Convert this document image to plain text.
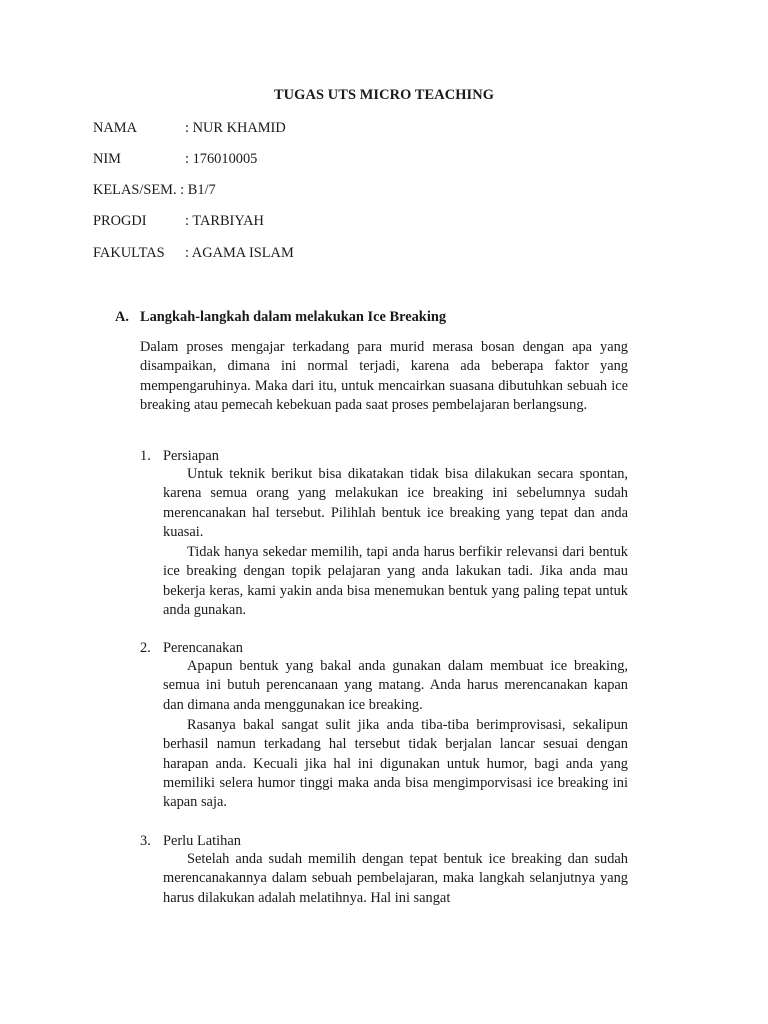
TUGAS UTS MICRO TEACHING
NAMA	: NUR KHAMID
NIM	: 176010005
KELAS/SEM. : B1/7
PROGDI	: TARBIYAH
FAKULTAS : AGAMA ISLAM
A. Langkah-langkah dalam melakukan Ice Breaking

Dalam proses mengajar terkadang para murid merasa bosan dengan apa yang disampaikan, dimana ini normal terjadi, karena ada beberapa faktor yang mempengaruhinya. Maka dari itu, untuk mencairkan suasana dibutuhkan sebuah ice breaking atau pemecah kebekuan pada saat proses pembelajaran berlangsung.

1. Persiapan

Untuk teknik berikut bisa dikatakan tidak bisa dilakukan secara spontan, karena semua orang yang melakukan ice breaking ini sebelumnya sudah merencanakan hal tersebut. Pilihlah bentuk ice breaking yang tepat dan anda kuasai.

Tidak hanya sekedar memilih, tapi anda harus berfikir relevansi dari bentuk ice breaking dengan topik pelajaran yang anda lakukan tadi. Jika anda mau bekerja keras, kami yakin anda bisa menemukan bentuk yang paling tepat untuk anda gunakan.

2. Perencanakan

Apapun bentuk yang bakal anda gunakan dalam membuat ice breaking, semua ini butuh perencanaan yang matang. Anda harus merencanakan kapan dan dimana anda menggunakan ice breaking.

Rasanya bakal sangat sulit jika anda tiba-tiba berimprovisasi, sekalipun berhasil namun terkadang hal tersebut tidak berjalan lancar sesuai dengan harapan anda. Kecuali jika hal ini digunakan untuk humor, bagi anda yang memiliki selera humor tinggi maka anda bisa mengimporvisasi ice breaking ini kapan saja.

3. Perlu Latihan

Setelah anda sudah memilih dengan tepat bentuk ice breaking dan sudah merencanakannya dalam sebuah pembelajaran, maka langkah selanjutnya yang harus dilakukan adalah melatihnya. Hal ini sangat
